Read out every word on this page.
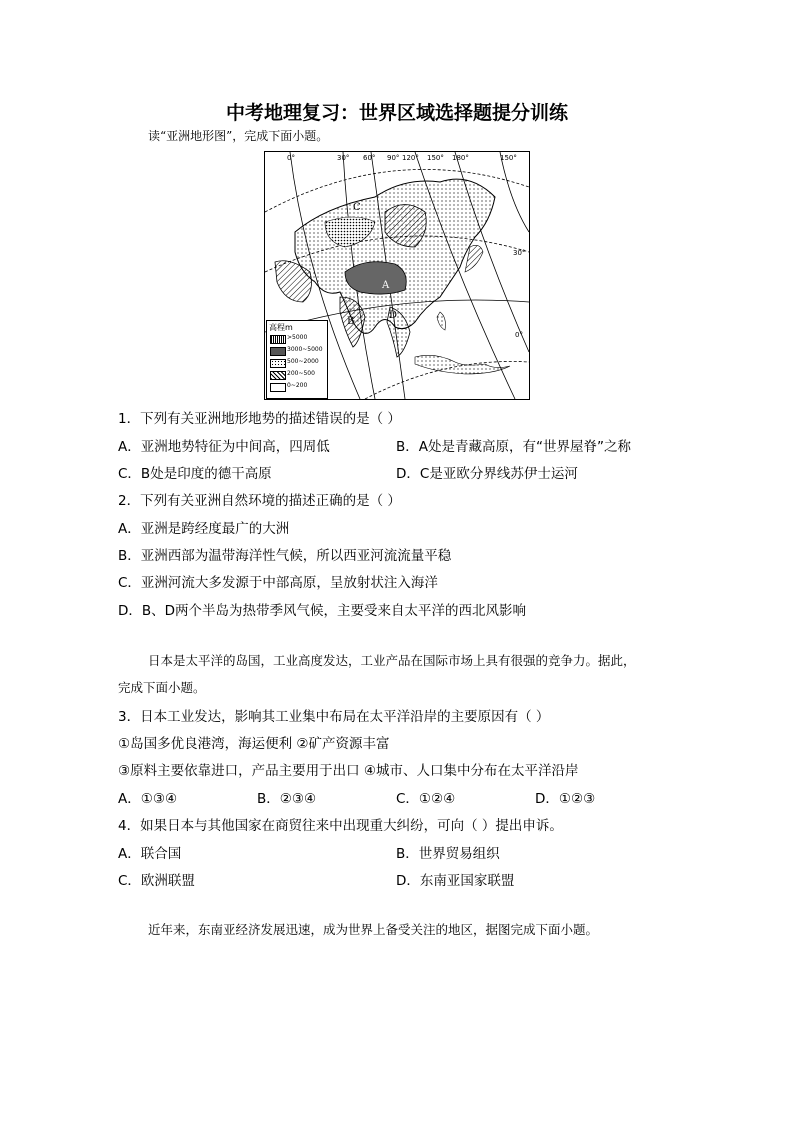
中考地理复习：世界区域选择题提分训练
读“亚洲地形图”，完成下面小题。
0°	30° 60° 90° 120° 150° 180°	150°
30°
0°
A
B
C
D
高程m
>5000
3000~5000
500~2000
200~500
0~200
1．下列有关亚洲地形地势的描述错误的是（ ）
A．亚洲地势特征为中间高，四周低	B．A处是青藏高原，有“世界屋脊”之称
C．B处是印度的德干高原	D．C是亚欧分界线苏伊士运河
2．下列有关亚洲自然环境的描述正确的是（ ）
A．亚洲是跨经度最广的大洲
B．亚洲西部为温带海洋性气候，所以西亚河流流量平稳
C．亚洲河流大多发源于中部高原，呈放射状注入海洋
D．B、D两个半岛为热带季风气候，主要受来自太平洋的西北风影响
日本是太平洋的岛国，工业高度发达，工业产品在国际市场上具有很强的竞争力。据此，
完成下面小题。
3．日本工业发达，影响其工业集中布局在太平洋沿岸的主要原因有（ ）
①岛国多优良港湾，海运便利 ②矿产资源丰富
③原料主要依靠进口，产品主要用于出口 ④城市、人口集中分布在太平洋沿岸
A．①③④	B．②③④	C．①②④	D．①②③
4．如果日本与其他国家在商贸往来中出现重大纠纷，可向（ ）提出申诉。
A．联合国	B．世界贸易组织
C．欧洲联盟	D．东南亚国家联盟
近年来，东南亚经济发展迅速，成为世界上备受关注的地区，据图完成下面小题。
